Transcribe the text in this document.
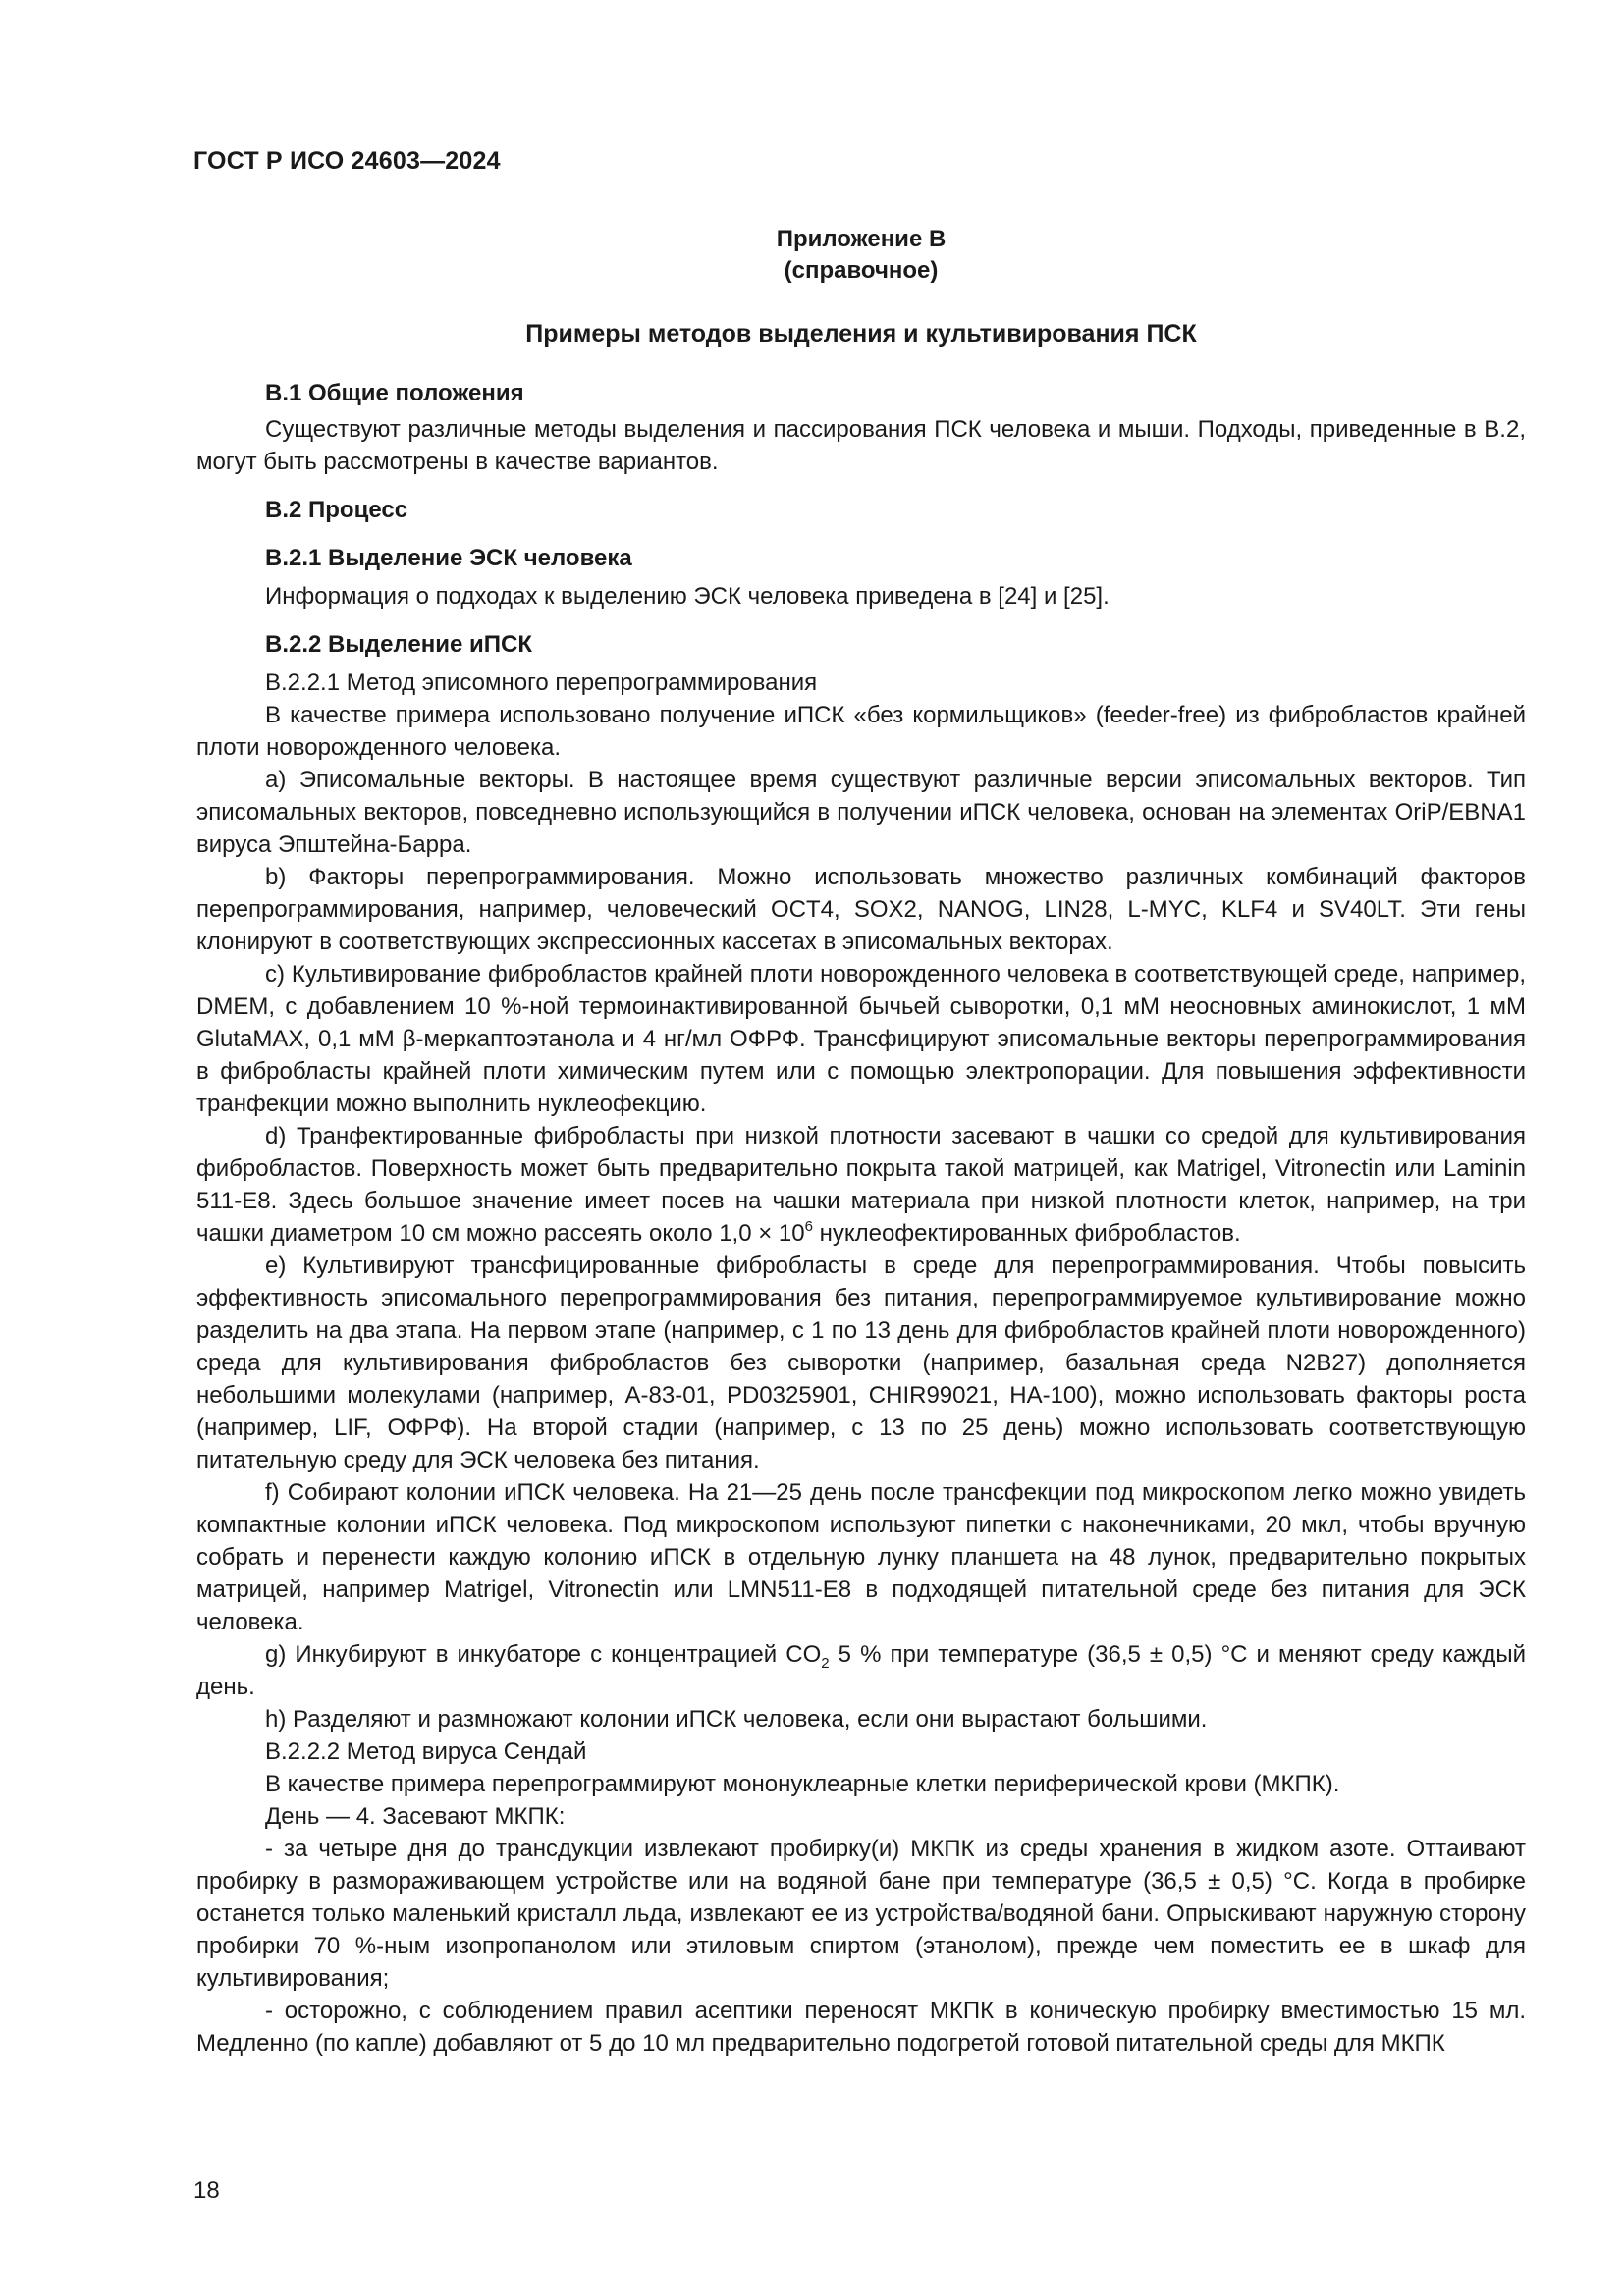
ГОСТ Р ИСО 24603—2024
Приложение В
(справочное)
Примеры методов выделения и культивирования ПСК
В.1 Общие положения

Существуют различные методы выделения и пассирования ПСК человека и мыши. Подходы, приведенные в В.2, могут быть рассмотрены в качестве вариантов.

В.2 Процесс
В.2.1 Выделение ЭСК человека

Информация о подходах к выделению ЭСК человека приведена в [24] и [25].

В.2.2 Выделение иПСК
В.2.2.1 Метод эписомного перепрограммирования

В качестве примера использовано получение иПСК «без кормильщиков» (feeder-free) из фибробластов крайней плоти новорожденного человека.

a) Эписомальные векторы. В настоящее время существуют различные версии эписомальных векторов. Тип эписомальных векторов, повседневно использующийся в получении иПСК человека, основан на элементах OriP/EBNA1 вируса Эпштейна-Барра.

b) Факторы перепрограммирования. Можно использовать множество различных комбинаций факторов перепрограммирования, например, человеческий OCT4, SOX2, NANOG, LIN28, L-MYC, KLF4 и SV40LT. Эти гены клонируют в соответствующих экспрессионных кассетах в эписомальных векторах.

c) Культивирование фибробластов крайней плоти новорожденного человека в соответствующей среде, например, DMEM, с добавлением 10 %-ной термоинактивированной бычьей сыворотки, 0,1 мМ неосновных аминокислот, 1 мМ GlutaMAX, 0,1 мМ β-меркаптоэтанола и 4 нг/мл ОФРФ. Трансфицируют эписомальные векторы перепрограммирования в фибробласты крайней плоти химическим путем или с помощью электропорации. Для повышения эффективности транфекции можно выполнить нуклеофекцию.

d) Транфектированные фибробласты при низкой плотности засевают в чашки со средой для культивирования фибробластов. Поверхность может быть предварительно покрыта такой матрицей, как Matrigel, Vitronectin или Laminin 511-E8. Здесь большое значение имеет посев на чашки материала при низкой плотности клеток, например, на три чашки диаметром 10 см можно рассеять около $1,0 \times 10^6$ нуклеофектированных фибробластов.

e) Культивируют трансфицированные фибробласты в среде для перепрограммирования. Чтобы повысить эффективность эписомального перепрограммирования без питания, перепрограммируемое культивирование можно разделить на два этапа. На первом этапе (например, с 1 по 13 день для фибробластов крайней плоти новорожденного) среда для культивирования фибробластов без сыворотки (например, базальная среда N2B27) дополняется небольшими молекулами (например, A-83-01, PD0325901, CHIR99021, HA-100), можно использовать факторы роста (например, LIF, ОФРФ). На второй стадии (например, с 13 по 25 день) можно использовать соответствующую питательную среду для ЭСК человека без питания.

f) Собирают колонии иПСК человека. На 21—25 день после трансфекции под микроскопом легко можно увидеть компактные колонии иПСК человека. Под микроскопом используют пипетки с наконечниками, 20 мкл, чтобы вручную собрать и перенести каждую колонию иПСК в отдельную лунку планшета на 48 лунок, предварительно покрытых матрицей, например Matrigel, Vitronectin или LMN511-E8 в подходящей питательной среде без питания для ЭСК человека.

g) Инкубируют в инкубаторе с концентрацией $CO_2$ 5 % при температуре (36,5 ± 0,5) °С и меняют среду каждый день.

h) Разделяют и размножают колонии иПСК человека, если они вырастают большими.

В.2.2.2 Метод вируса Сендай

В качестве примера перепрограммируют мононуклеарные клетки периферической крови (МКПК).

День — 4. Засевают МКПК:

- за четыре дня до трансдукции извлекают пробирку(и) МКПК из среды хранения в жидком азоте. Оттаивают пробирку в размораживающем устройстве или на водяной бане при температуре (36,5 ± 0,5) °С. Когда в пробирке останется только маленький кристалл льда, извлекают ее из устройства/водяной бани. Опрыскивают наружную сторону пробирки 70 %-ным изопропанолом или этиловым спиртом (этанолом), прежде чем поместить ее в шкаф для культивирования;

- осторожно, с соблюдением правил асептики переносят МКПК в коническую пробирку вместимостью 15 мл. Медленно (по капле) добавляют от 5 до 10 мл предварительно подогретой готовой питательной среды для МКПК

18
